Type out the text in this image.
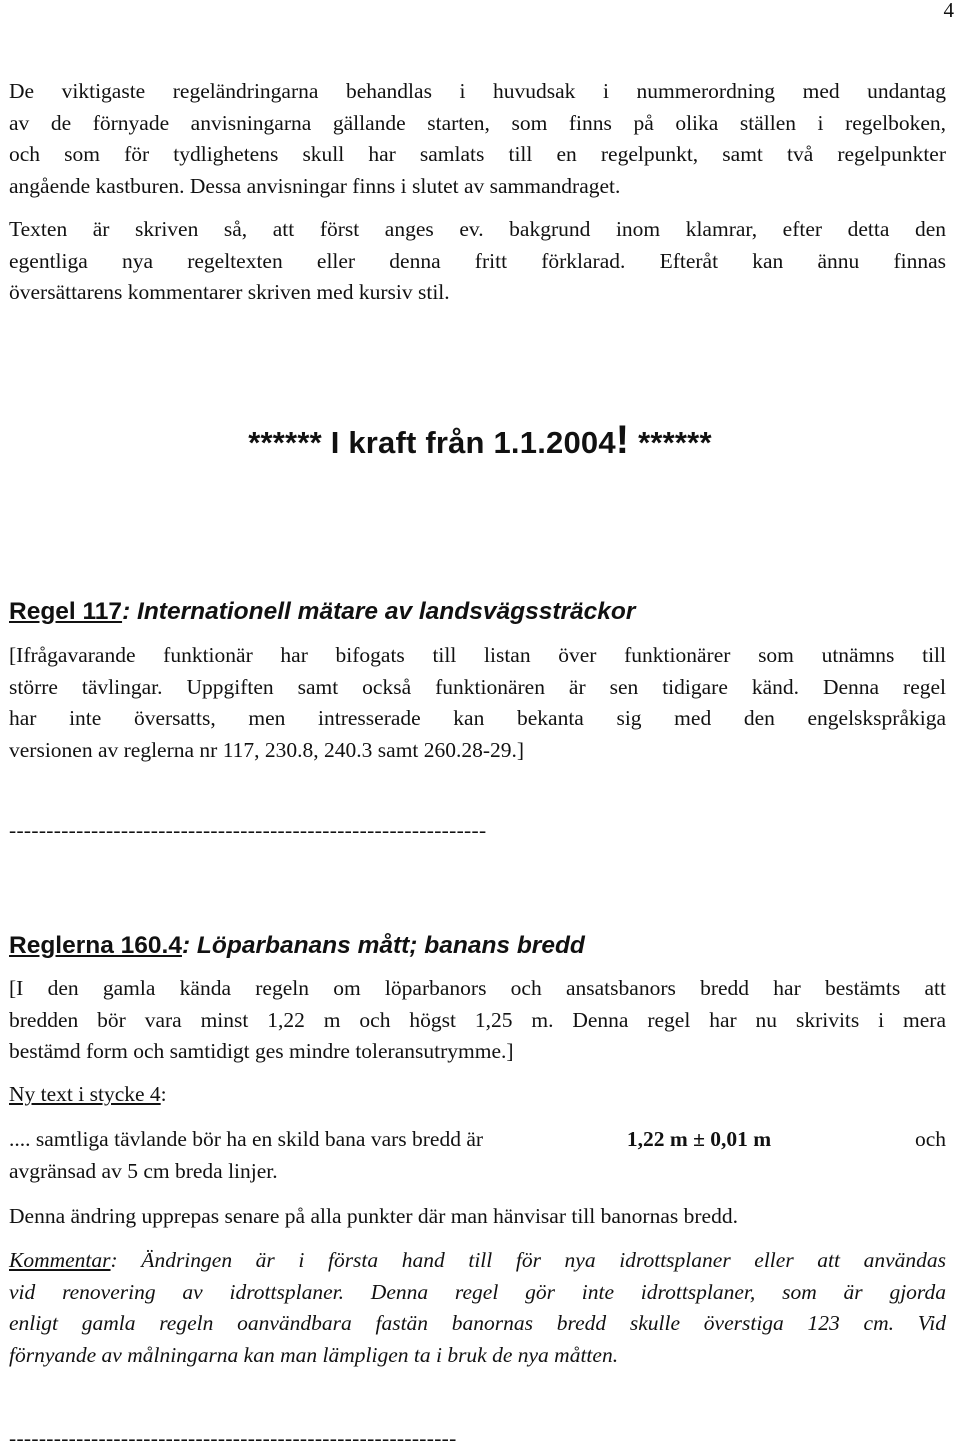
4

De viktigaste regeländringarna behandlas i huvudsak i nummerordning med undantag
av de förnyade anvisningarna gällande starten, som finns på olika ställen i regelboken,
och som för tydlighetens skull har samlats till en regelpunkt, samt två regelpunkter
angående kastburen. Dessa anvisningar finns i slutet av sammandraget.

Texten är skriven så, att först anges ev. bakgrund inom klamrar, efter detta den
egentliga nya regeltexten eller denna fritt förklarad. Efteråt kan ännu finnas
översättarens kommentarer skriven med kursiv stil.

****** I kraft från 1.1.2004! ******
Regel 117: Internationell mätare av landsvägssträckor

[Ifrågavarande funktionär har bifogats till listan över funktionärer som utnämns till
större tävlingar. Uppgiften samt också funktionären är sen tidigare känd. Denna regel
har inte översatts, men intresserade kan bekanta sig med den engelskspråkiga
versionen av reglerna nr 117, 230.8, 240.3 samt 260.28-29.]

----------------------------------------------------------------
Reglerna 160.4: Löparbanans mått; banans bredd

[I den gamla kända regeln om löparbanors och ansatsbanors bredd har bestämts att
bredden bör vara minst 1,22 m och högst 1,25 m. Denna regel har nu skrivits i mera
bestämd form och samtidigt ges mindre toleransutrymme.]

Ny text i stycke 4:

.... samtliga tävlande bör ha en skild bana vars bredd är	1,22 m ± 0,01 m	och
avgränsad av 5 cm breda linjer.

Denna ändring upprepas senare på alla punkter där man hänvisar till banornas bredd.

Kommentar: Ändringen är i första hand till för nya idrottsplaner eller att användas
vid renovering av idrottsplaner. Denna regel gör inte idrottsplaner, som är gjorda
enligt gamla regeln oanvändbara fastän banornas bredd skulle överstiga 123 cm. Vid
förnyande av målningarna kan man lämpligen ta i bruk de nya måtten.

------------------------------------------------------------
